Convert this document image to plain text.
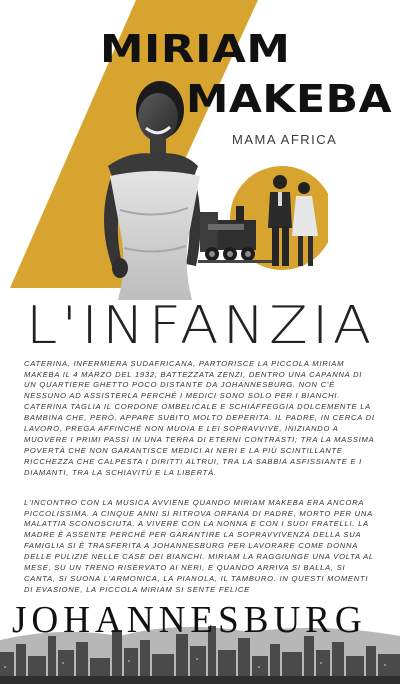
MIRIAM
MAKEBA
MAMA AFRICA
L'INFANZIA

CATERINA, INFERMIERA SUDAFRICANA, PARTORISCE LA PICCOLA MIRIAM MAKEBA IL 4 MARZO DEL 1932, BATTEZZATA ZENZI, DENTRO UNA CAPANNA DI UN QUARTIERE GHETTO POCO DISTANTE DA JOHANNESBURG. NON C'È NESSUNO AD ASSISTERLA PERCHÉ I MEDICI SONO SOLO PER I BIANCHI. CATERINA TAGLIA IL CORDONE OMBELICALE E SCHIAFFEGGIA DOLCEMENTE LA BAMBINA CHE, PERÒ, APPARE SUBITO MOLTO DEPERITA. IL PADRE, IN CERCA DI LAVORO, PREGA AFFINCHÉ NON MUOIA E LEI SOPRAVVIVE, INIZIANDO A MUOVERE I PRIMI PASSI IN UNA TERRA DI ETERNI CONTRASTI; TRA LA MASSIMA POVERTÀ CHE NON GARANTISCE MEDICI AI NERI E LA PIÙ SCINTILLANTE RICCHEZZA CHE CALPESTA I DIRITTI ALTRUI, TRA LA SABBIA ASFISSIANTE E I DIAMANTI, TRA LA SCHIAVITÙ E LA LIBERTÀ.

L'INCONTRO CON LA MUSICA AVVIENE QUANDO MIRIAM MAKEBA ERA ANCORA PICCOLISSIMA. A CINQUE ANNI SI RITROVA ORFANA DI PADRE, MORTO PER UNA MALATTIA SCONOSCIUTA. A VIVERE CON LA NONNA E CON I SUOI FRATELLI. LA MADRE È ASSENTE PERCHÉ PER GARANTIRE LA SOPRAVVIVENZA DELLA SUA FAMIGLIA SI È TRASFERITA A JOHANNESBURG PER LAVORARE COME DONNA DELLE PULIZIE NELLE CASE DEI BIANCHI. MIRIAM LA RAGGIUNGE UNA VOLTA AL MESE, SU UN TRENO RISERVATO AI NERI, E QUANDO ARRIVA SI BALLA, SI CANTA, SI SUONA L'ARMONICA, LA PIANOLA, IL TAMBURO. IN QUESTI MOMENTI DI EVASIONE, LA PICCOLA MIRIAM SI SENTE FELICE

JOHANNESBURG
